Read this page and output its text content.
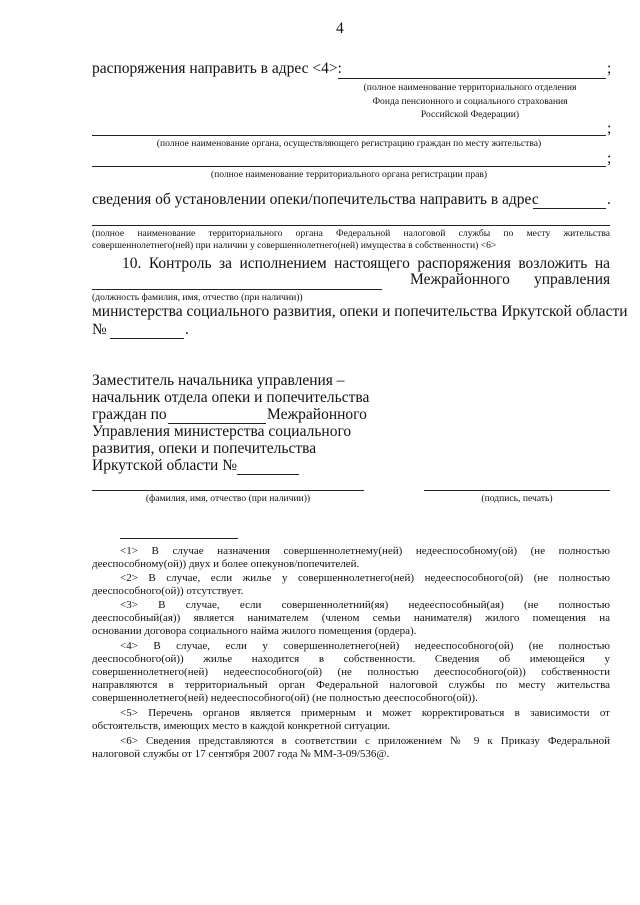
4
распоряжения направить в адрес <4>:	;
(полное наименование территориального отделения
Фонда пенсионного и социального страхования
Российской Федерации)
;
(полное наименование органа, осуществляющего регистрацию граждан по месту жительства)
;
(полное наименование территориального органа регистрации прав)
сведения об установлении опеки/попечительства направить в адрес	.
(полное наименование территориального органа Федеральной налоговой службы по месту жительства
совершеннолетнего(ней) при наличии у совершеннолетнего(ней) имущества в собственности) <6>
10. Контроль за исполнением настоящего распоряжения возложить на
Межрайонного управления
(должность фамилия, имя, отчество (при наличии))
министерства социального развития, опеки и попечительства Иркутской области
№	.
Заместитель начальника управления –
начальник отдела опеки и попечительства
граждан по	Межрайонного
Управления министерства социального
развития, опеки и попечительства
Иркутской области №
(фамилия, имя, отчество (при наличии))	(подпись, печать)
<1> В случае назначения совершеннолетнему(ней) недееспособному(ой) (не полностью
дееспособному(ой)) двух и более опекунов/попечителей.
<2> В случае, если жилье у совершеннолетнего(ней) недееспособного(ой) (не полностью
дееспособного(ой)) отсутствует.
<3> В случае, если совершеннолетний(яя) недееспособный(ая) (не полностью
дееспособный(ая)) является нанимателем (членом семьи нанимателя) жилого помещения на
основании договора социального найма жилого помещения (ордера).
<4> В случае, если у совершеннолетнего(ней) недееспособного(ой) (не полностью
дееспособного(ой)) жилье находится в собственности. Сведения об имеющейся у
совершеннолетнего(ней) недееспособного(ой) (не полностью дееспособного(ой)) собственности
направляются в территориальный орган Федеральной налоговой службы по месту жительства
совершеннолетнего(ней) недееспособного(ой) (не полностью дееспособного(ой)).
<5> Перечень органов является примерным и может корректироваться в зависимости от
обстоятельств, имеющих место в каждой конкретной ситуации.
<6> Сведения представляются в соответствии с приложением № 9 к Приказу Федеральной
налоговой службы от 17 сентября 2007 года № ММ-3-09/536@.
